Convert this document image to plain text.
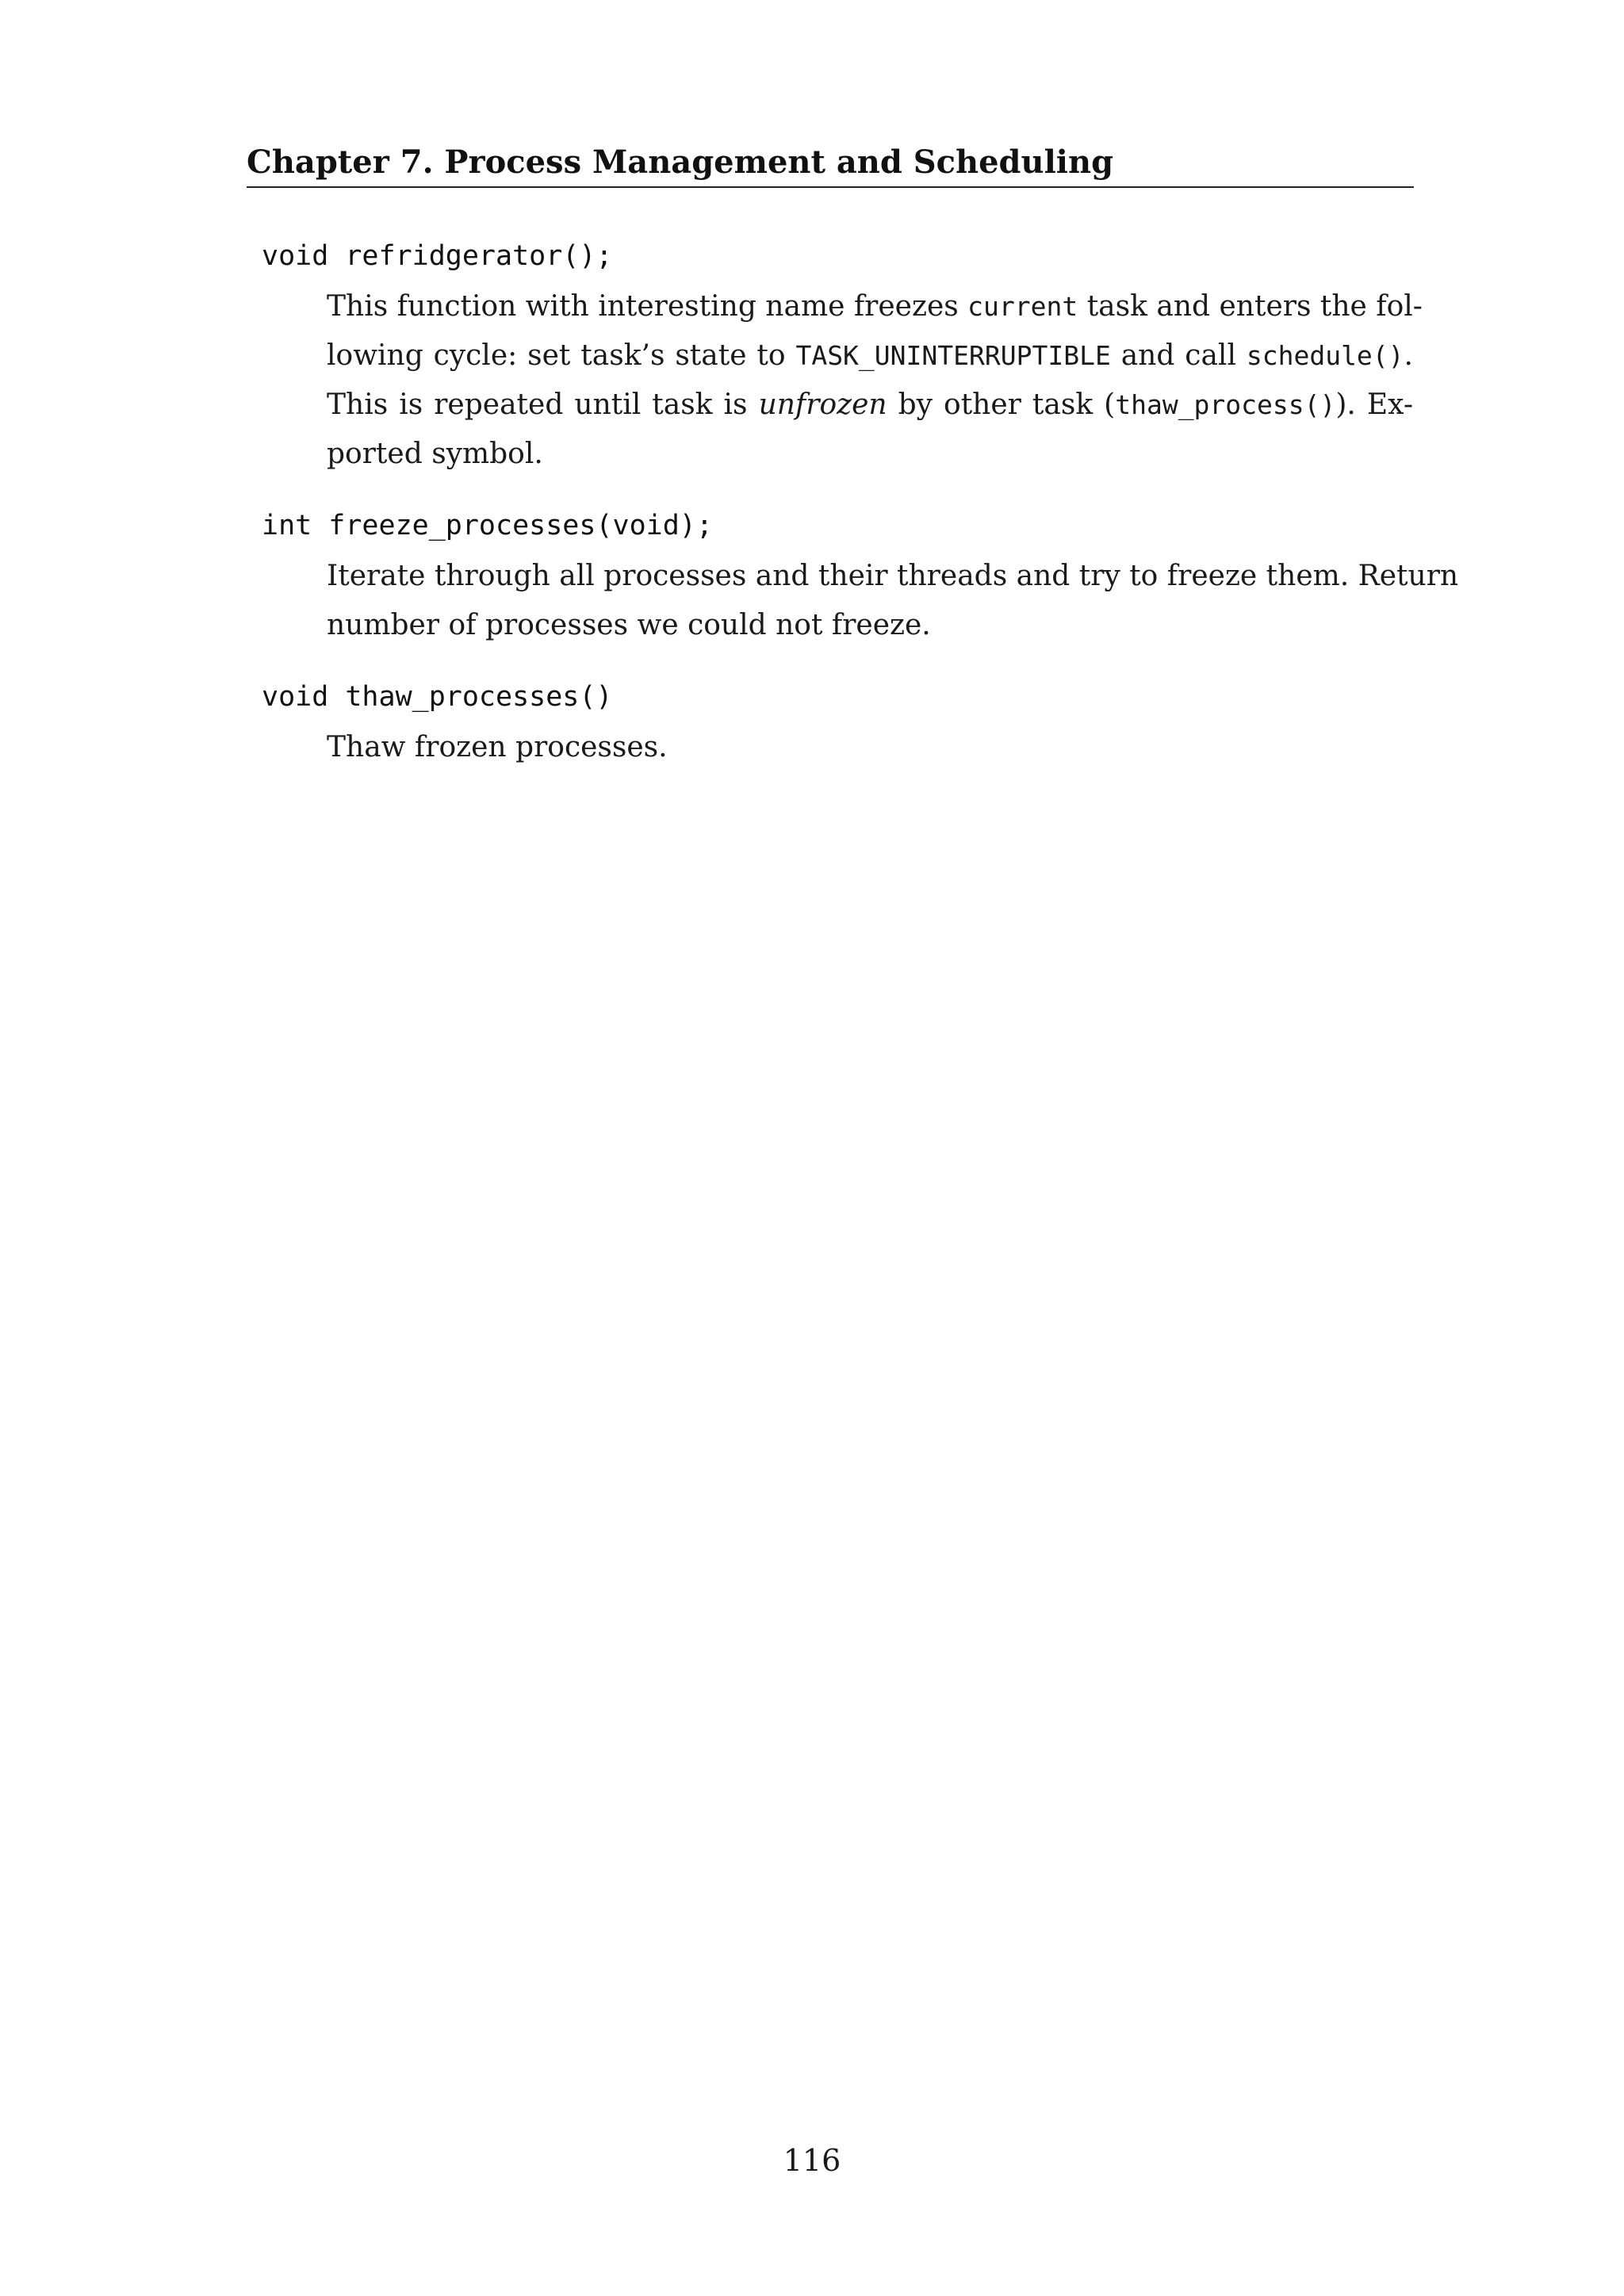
Chapter 7. Process Management and Scheduling
void refridgerator();
This function with interesting name freezes current task and enters the fol-
lowing cycle: set task’s state to TASK_UNINTERRUPTIBLE and call schedule().
This is repeated until task is unfrozen by other task (thaw_process()). Ex-
ported symbol.
int freeze_processes(void);
Iterate through all processes and their threads and try to freeze them. Return
number of processes we could not freeze.
void thaw_processes()
Thaw frozen processes.
116
